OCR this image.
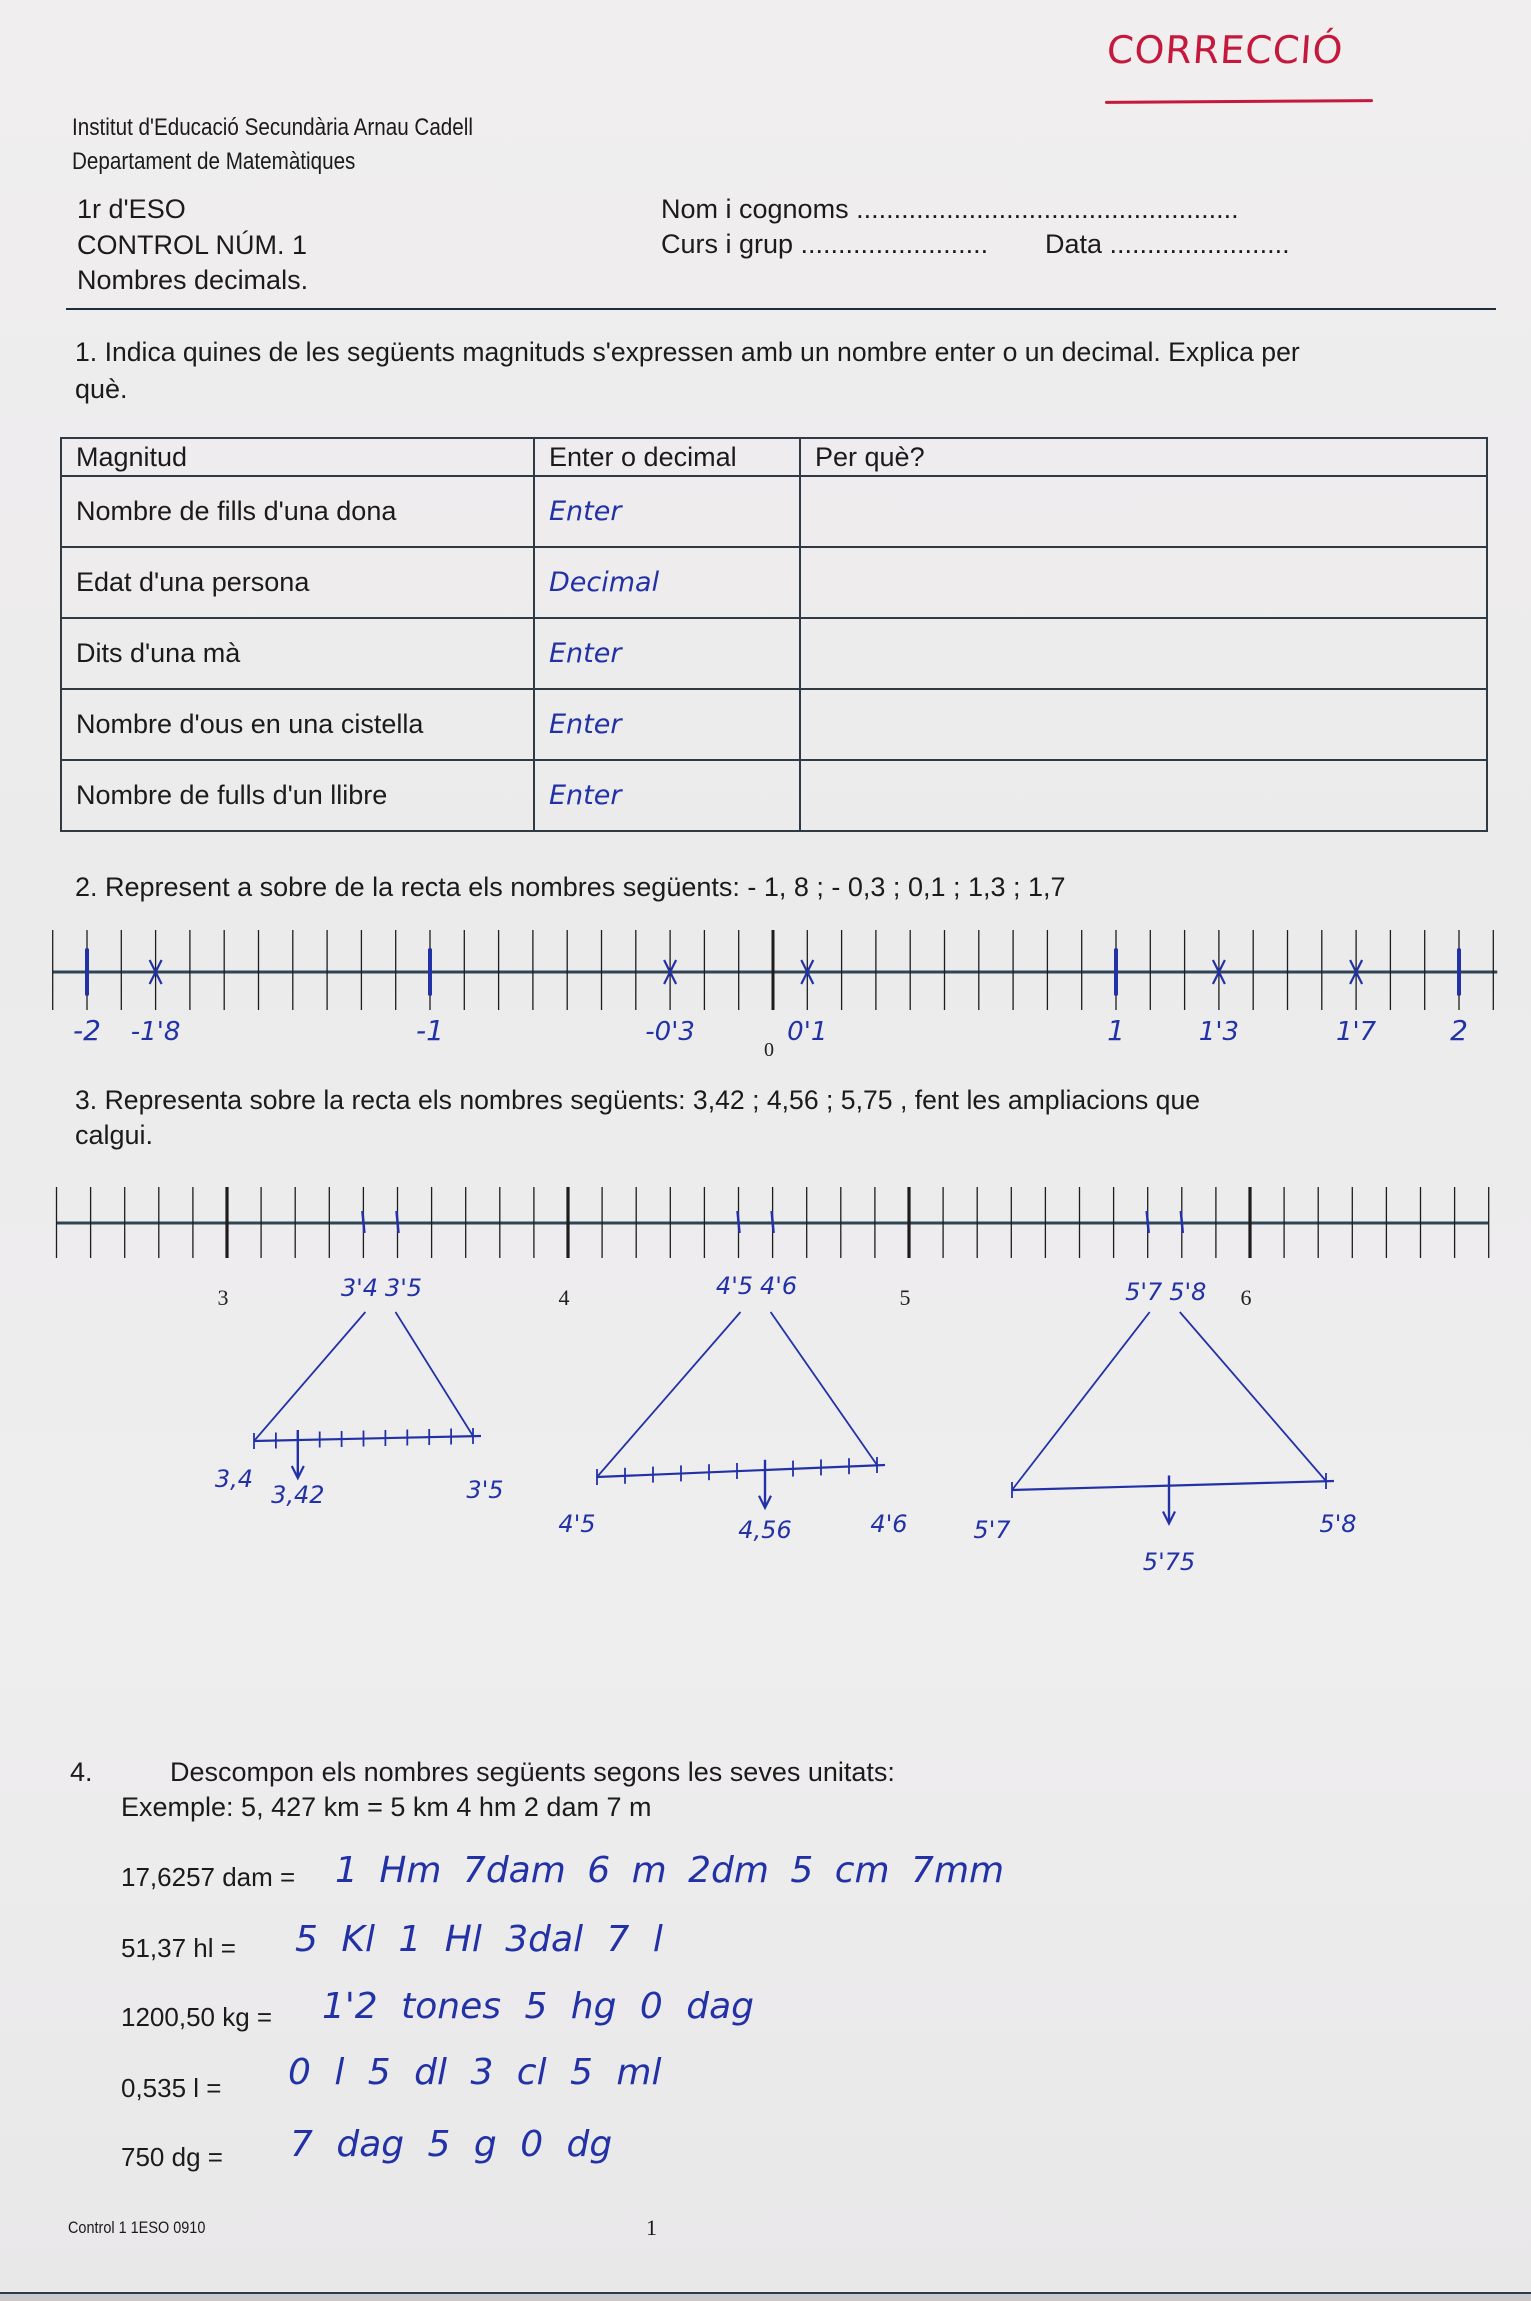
CORRECCIÓ
Institut d'Educació Secundària Arnau Cadell
Departament de Matemàtiques
1r d'ESO
CONTROL NÚM. 1
Nombres decimals.
Nom i cognoms ...................................................
Curs i grup ......................... Data ........................
1. Indica quines de les següents magnituds s'expressen amb un nombre enter o un decimal. Explica per
què.
Magnitud	Enter o decimal	Per què?
Nombre de fills d'una dona	Enter	
Edat d'una persona	Decimal	
Dits d'una mà	Enter	
Nombre d'ous en una cistella	Enter	
Nombre de fulls d'un llibre	Enter	
2. Represent a sobre de la recta els nombres següents: - 1, 8 ; - 0,3 ; 0,1 ; 1,3 ; 1,7
0
-2	-1	1	2
-1'8	-0'3	0'1	1'3	1'7
3. Representa sobre la recta els nombres següents: 3,42 ; 4,56 ; 5,75 , fent les ampliacions que
calgui.
3	4	5	6
3'4 3'5
3,42
3,4	3'5
4'5 4'6
4,56
4'5	4'6
5'7 5'8
5'75
5'7	5'8
4.	Descompon els nombres següents segons les seves unitats:
Exemple: 5, 427 km = 5 km 4 hm 2 dam 7 m
17,6257 dam = 1 Hm 7dam 6 m 2dm 5 cm 7mm
51,37 hl = 5 Kl 1 Hl 3dal 7 l
1200,50 kg = 1'2 tones 5 hg 0 dag
0,535 l = 0 l 5 dl 3 cl 5 ml
750 dg = 7 dag 5 g 0 dg
Control 1 1ESO 0910	1
